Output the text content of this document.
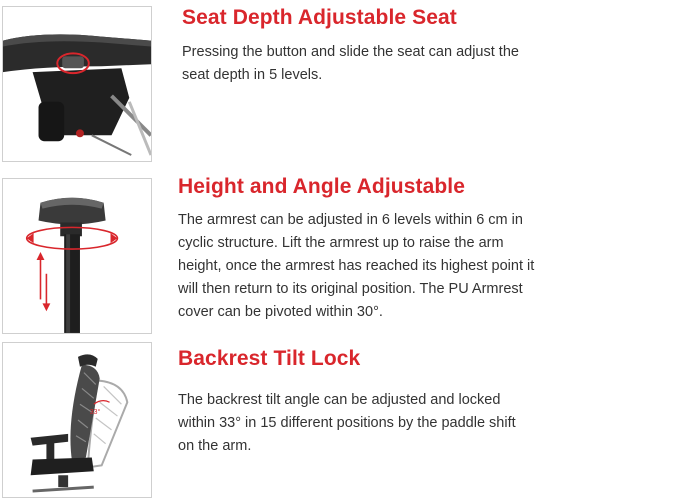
Seat Depth Adjustable Seat
Pressing the button and slide the seat can adjust the seat depth in 5 levels.
Height and Angle Adjustable
The armrest can be adjusted in 6 levels within 6 cm in cyclic structure. Lift the armrest up to raise the arm height, once the armrest has reached its highest point it will then return to its original position. The PU Armrest cover can be pivoted within 30°.
33°
Backrest Tilt Lock
The backrest tilt angle can be adjusted and locked within 33° in 15 different positions by the paddle shift on the arm.
